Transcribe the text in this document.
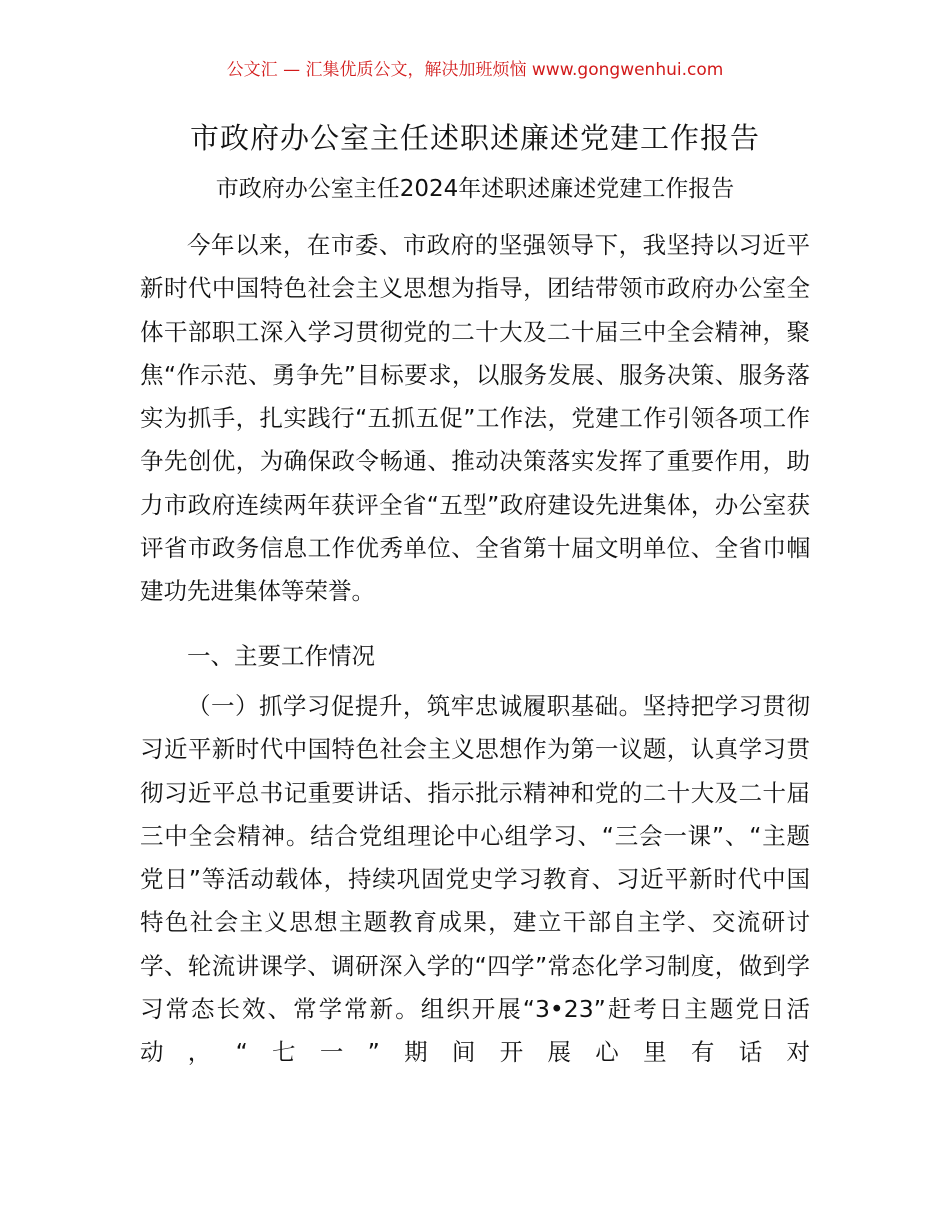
公文汇 — 汇集优质公文，解决加班烦恼 www.gongwenhui.com
市政府办公室主任述职述廉述党建工作报告
市政府办公室主任2024年述职述廉述党建工作报告

今年以来，在市委、市政府的坚强领导下，我坚持以习近平新时代中国特色社会主义思想为指导，团结带领市政府办公室全体干部职工深入学习贯彻党的二十大及二十届三中全会精神，聚焦“作示范、勇争先”目标要求，以服务发展、服务决策、服务落实为抓手，扎实践行“五抓五促”工作法，党建工作引领各项工作争先创优，为确保政令畅通、推动决策落实发挥了重要作用，助力市政府连续两年获评全省“五型”政府建设先进集体，办公室获评省市政务信息工作优秀单位、全省第十届文明单位、全省巾帼建功先进集体等荣誉。

一、主要工作情况

（一）抓学习促提升，筑牢忠诚履职基础。坚持把学习贯彻习近平新时代中国特色社会主义思想作为第一议题，认真学习贯彻习近平总书记重要讲话、指示批示精神和党的二十大及二十届三中全会精神。结合党组理论中心组学习、“三会一课”、“主题党日”等活动载体，持续巩固党史学习教育、习近平新时代中国特色社会主义思想主题教育成果，建立干部自主学、交流研讨学、轮流讲课学、调研深入学的“四学”常态化学习制度，做到学习常态长效、常学常新。组织开展“3•23”赶考日主题党日活动，“七一”期间开展心里有话对
